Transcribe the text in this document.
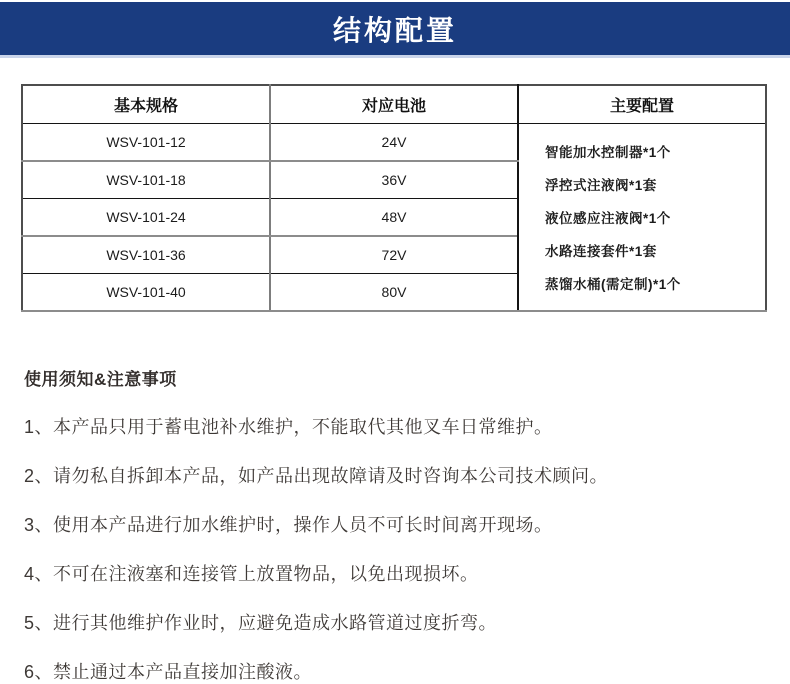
结构配置
基本规格	对应电池	主要配置
WSV-101-12	24V	智能加水控制器*1个
浮控式注液阀*1套
液位感应注液阀*1个
水路连接套件*1套
蒸馏水桶(需定制)*1个

WSV-101-18	36V	
WSV-101-24	48V	
WSV-101-36	72V	
WSV-101-40	80V	
使用须知&注意事项
1、本产品只用于蓄电池补水维护，不能取代其他叉车日常维护。
2、请勿私自拆卸本产品，如产品出现故障请及时咨询本公司技术顾问。
3、使用本产品进行加水维护时，操作人员不可长时间离开现场。
4、不可在注液塞和连接管上放置物品，以免出现损坏。
5、进行其他维护作业时，应避免造成水路管道过度折弯。
6、禁止通过本产品直接加注酸液。
